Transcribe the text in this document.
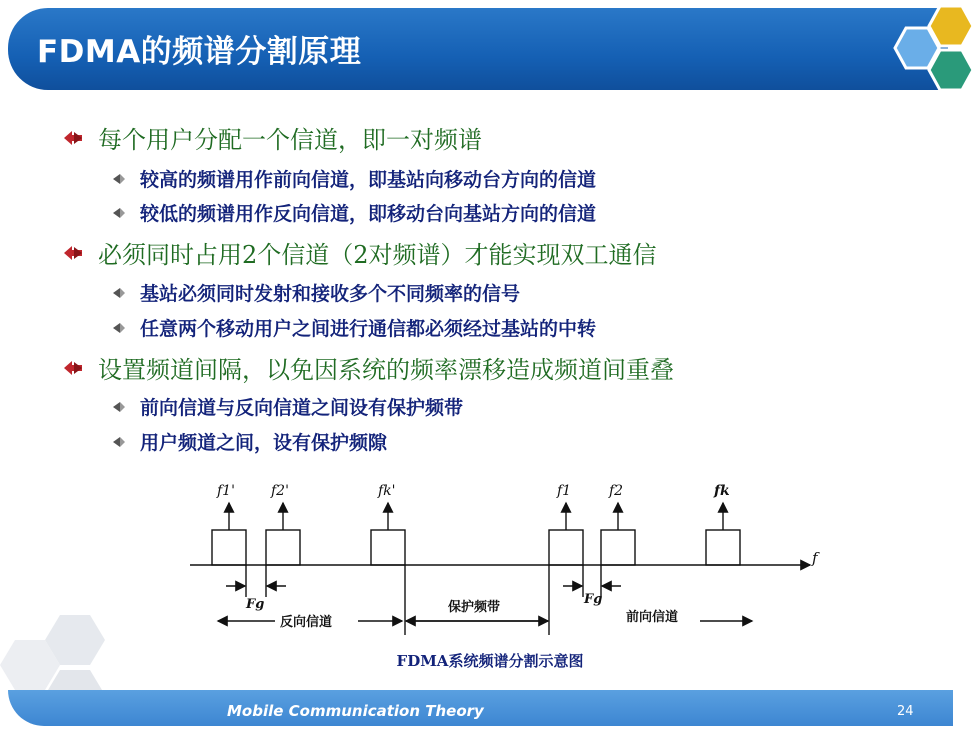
FDMA的频谱分割原理
每个用户分配一个信道，即一对频谱
较高的频谱用作前向信道，即基站向移动台方向的信道
较低的频谱用作反向信道，即移动台向基站方向的信道
必须同时占用2个信道（2对频谱）才能实现双工通信
基站必须同时发射和接收多个不同频率的信号
任意两个移动用户之间进行通信都必须经过基站的中转
设置频道间隔，以免因系统的频率漂移造成频道间重叠
前向信道与反向信道之间设有保护频带
用户频道之间，设有保护频隙
f1'	f2'	fk'	f1	f2	fk
f
Fg	Fg
反向信道
保护频带
前向信道
FDMA系统频谱分割示意图
Mobile Communication Theory	24
